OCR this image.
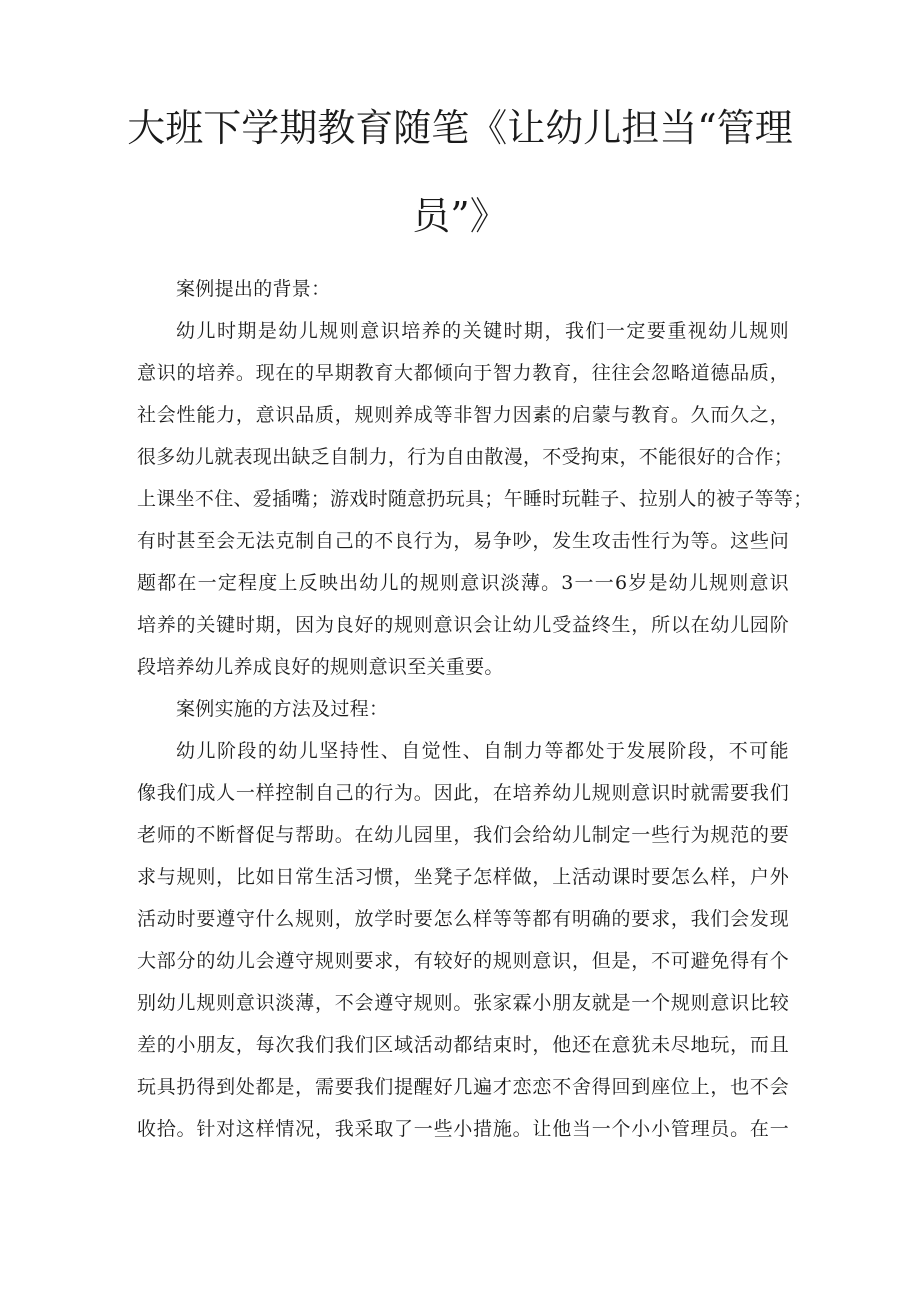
大班下学期教育随笔《让幼儿担当“管理
员”》
案例提出的背景：
幼儿时期是幼儿规则意识培养的关键时期，我们一定要重视幼儿规则
意识的培养。现在的早期教育大都倾向于智力教育，往往会忽略道德品质，
社会性能力，意识品质，规则养成等非智力因素的启蒙与教育。久而久之，
很多幼儿就表现出缺乏自制力，行为自由散漫，不受拘束，不能很好的合作；
上课坐不住、爱插嘴；游戏时随意扔玩具；午睡时玩鞋子、拉别人的被子等等；
有时甚至会无法克制自己的不良行为，易争吵，发生攻击性行为等。这些问
题都在一定程度上反映出幼儿的规则意识淡薄。3一一6岁是幼儿规则意识
培养的关键时期，因为良好的规则意识会让幼儿受益终生，所以在幼儿园阶
段培养幼儿养成良好的规则意识至关重要。
案例实施的方法及过程：
幼儿阶段的幼儿坚持性、自觉性、自制力等都处于发展阶段，不可能
像我们成人一样控制自己的行为。因此，在培养幼儿规则意识时就需要我们
老师的不断督促与帮助。在幼儿园里，我们会给幼儿制定一些行为规范的要
求与规则，比如日常生活习惯，坐凳子怎样做，上活动课时要怎么样，户外
活动时要遵守什么规则，放学时要怎么样等等都有明确的要求，我们会发现
大部分的幼儿会遵守规则要求，有较好的规则意识，但是，不可避免得有个
别幼儿规则意识淡薄，不会遵守规则。张家霖小朋友就是一个规则意识比较
差的小朋友，每次我们我们区域活动都结束时，他还在意犹未尽地玩，而且
玩具扔得到处都是，需要我们提醒好几遍才恋恋不舍得回到座位上，也不会
收拾。针对这样情况，我采取了一些小措施。让他当一个小小管理员。在一
